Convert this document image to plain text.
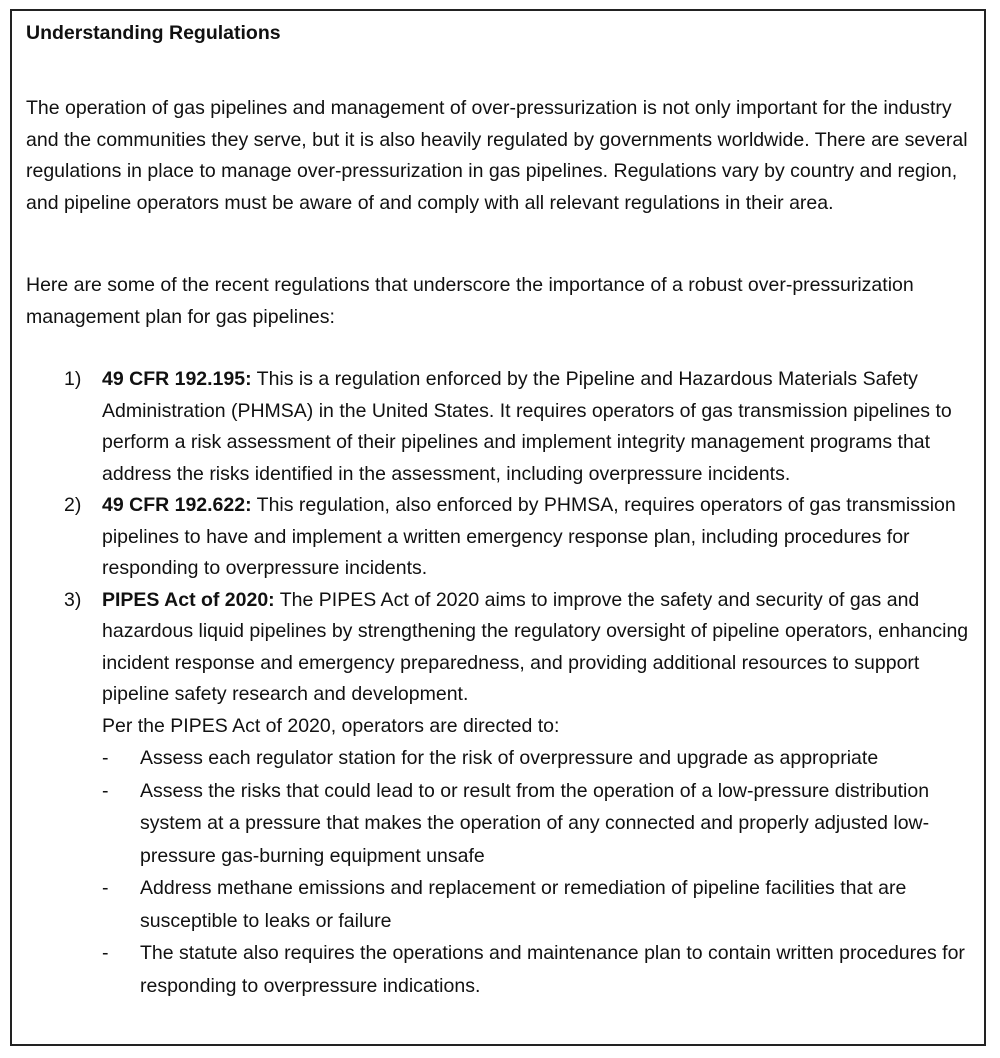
Understanding Regulations

The operation of gas pipelines and management of over-pressurization is not only important for the industry and the communities they serve, but it is also heavily regulated by governments worldwide. There are several regulations in place to manage over-pressurization in gas pipelines. Regulations vary by country and region, and pipeline operators must be aware of and comply with all relevant regulations in their area.

Here are some of the recent regulations that underscore the importance of a robust over-pressurization management plan for gas pipelines:

1) 49 CFR 192.195: This is a regulation enforced by the Pipeline and Hazardous Materials Safety Administration (PHMSA) in the United States. It requires operators of gas transmission pipelines to perform a risk assessment of their pipelines and implement integrity management programs that address the risks identified in the assessment, including overpressure incidents.
2) 49 CFR 192.622: This regulation, also enforced by PHMSA, requires operators of gas transmission pipelines to have and implement a written emergency response plan, including procedures for responding to overpressure incidents.
3) PIPES Act of 2020: The PIPES Act of 2020 aims to improve the safety and security of gas and hazardous liquid pipelines by strengthening the regulatory oversight of pipeline operators, enhancing incident response and emergency preparedness, and providing additional resources to support pipeline safety research and development.
Per the PIPES Act of 2020, operators are directed to:
- Assess each regulator station for the risk of overpressure and upgrade as appropriate
- Assess the risks that could lead to or result from the operation of a low-pressure distribution system at a pressure that makes the operation of any connected and properly adjusted low-pressure gas-burning equipment unsafe
- Address methane emissions and replacement or remediation of pipeline facilities that are susceptible to leaks or failure
- The statute also requires the operations and maintenance plan to contain written procedures for responding to overpressure indications.
